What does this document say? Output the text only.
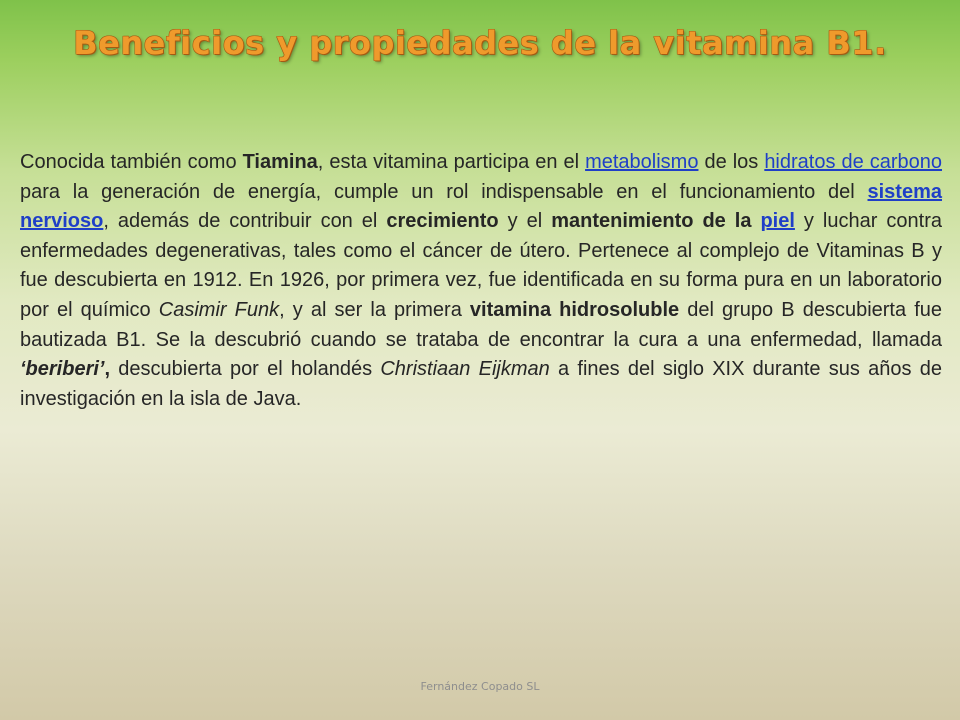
Beneficios y propiedades de la vitamina B1.

Conocida también como Tiamina, esta vitamina participa en el metabolismo de los hidratos de carbono para la generación de energía, cumple un rol indispensable en el funcionamiento del sistema nervioso, además de contribuir con el crecimiento y el mantenimiento de la piel y luchar contra enfermedades degenerativas, tales como el cáncer de útero. Pertenece al complejo de Vitaminas B y fue descubierta en 1912. En 1926, por primera vez, fue identificada en su forma pura en un laboratorio por el químico Casimir Funk, y al ser la primera vitamina hidrosoluble del grupo B descubierta fue bautizada B1. Se la descubrió cuando se trataba de encontrar la cura a una enfermedad, llamada ‘beriberi’, descubierta por el holandés Christiaan Eijkman a fines del siglo XIX durante sus años de investigación en la isla de Java.

Fernández Copado SL
